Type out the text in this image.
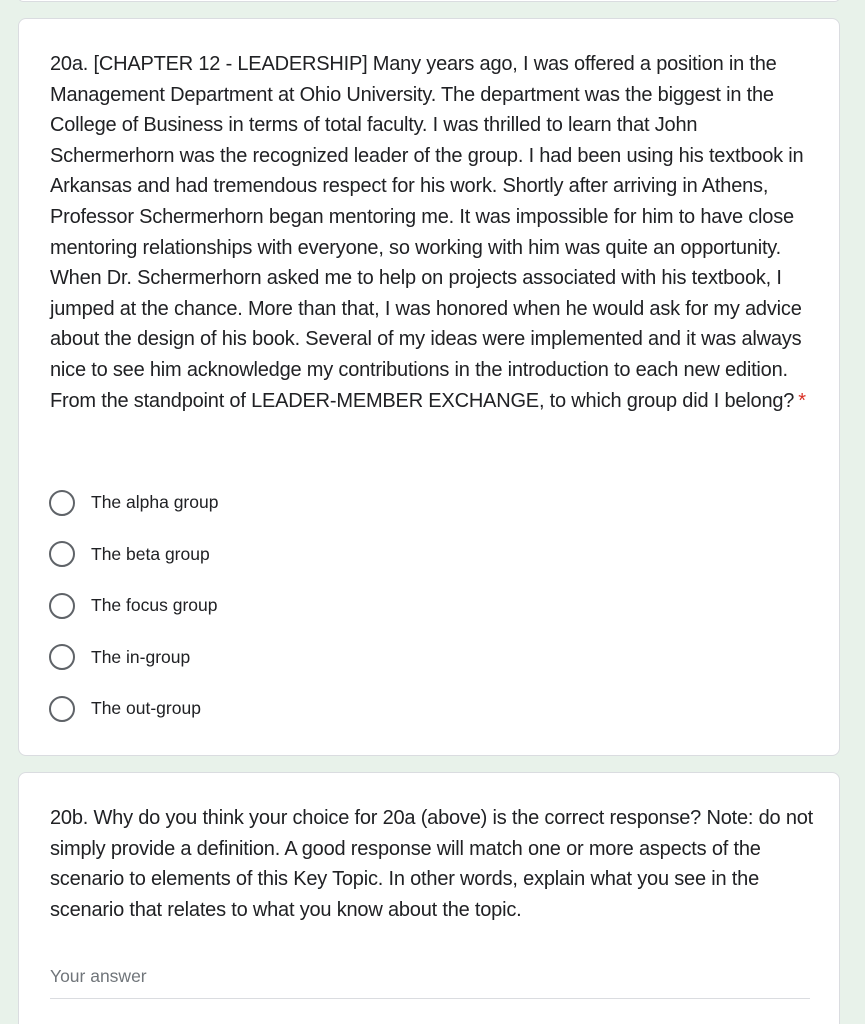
20a. [CHAPTER 12 - LEADERSHIP] Many years ago, I was offered a position in the Management Department at Ohio University. The department was the biggest in the College of Business in terms of total faculty. I was thrilled to learn that John Schermerhorn was the recognized leader of the group. I had been using his textbook in Arkansas and had tremendous respect for his work. Shortly after arriving in Athens, Professor Schermerhorn began mentoring me. It was impossible for him to have close mentoring relationships with everyone, so working with him was quite an opportunity. When Dr. Schermerhorn asked me to help on projects associated with his textbook, I jumped at the chance. More than that, I was honored when he would ask for my advice about the design of his book. Several of my ideas were implemented and it was always nice to see him acknowledge my contributions in the introduction to each new edition. From the standpoint of LEADER-MEMBER EXCHANGE, to which group did I belong? *
The alpha group
The beta group
The focus group
The in-group
The out-group
20b. Why do you think your choice for 20a (above) is the correct response? Note: do not simply provide a definition. A good response will match one or more aspects of the scenario to elements of this Key Topic. In other words, explain what you see in the scenario that relates to what you know about the topic.
Your answer
